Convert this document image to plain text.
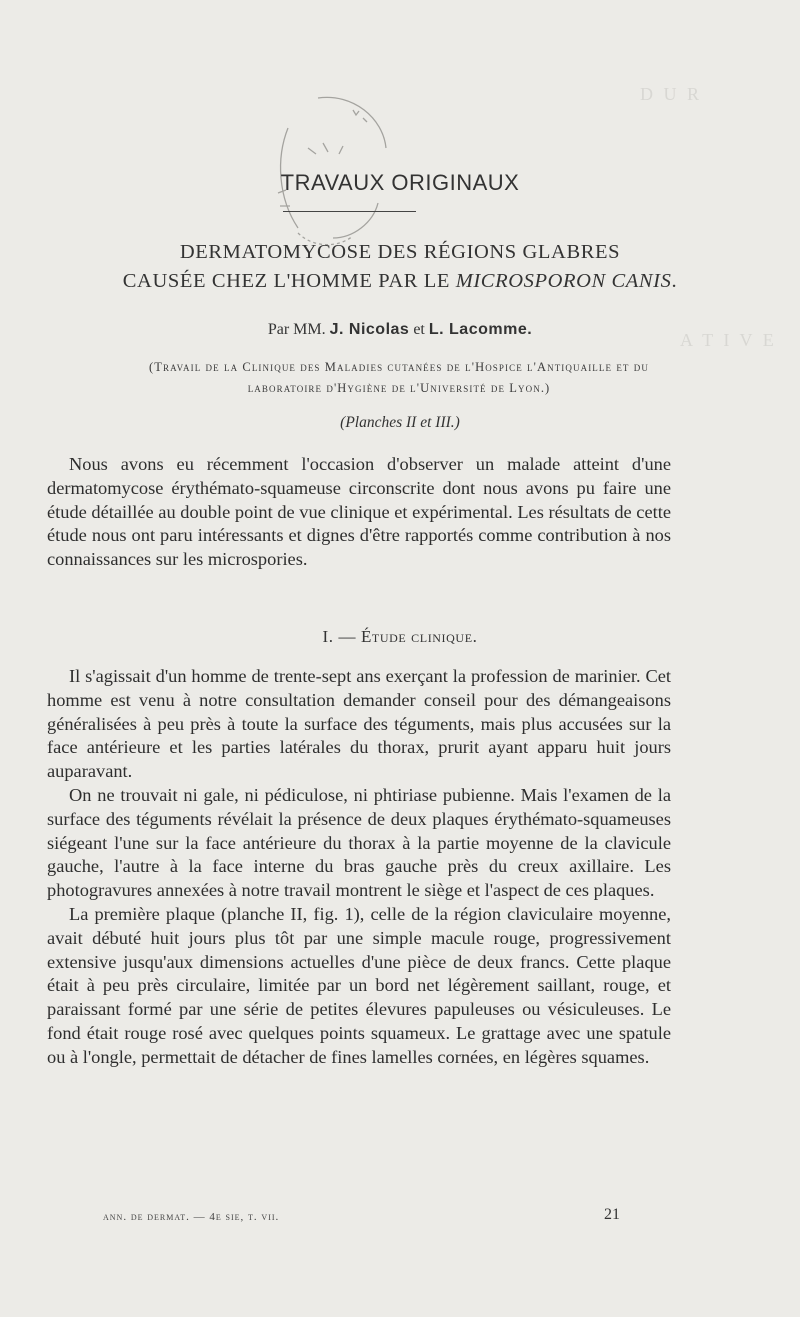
D U R
A T I V E
TRAVAUX ORIGINAUX
DERMATOMYCOSE DES RÉGIONS GLABRES
CAUSÉE CHEZ L'HOMME PAR LE MICROSPORON CANIS.
Par MM. J. Nicolas et L. Lacomme.
(Travail de la Clinique des Maladies cutanées de l'Hospice l'Antiquaille et du
laboratoire d'Hygiène de l'Université de Lyon.)
(Planches II et III.)

Nous avons eu récemment l'occasion d'observer un malade atteint d'une dermatomycose érythémato-squameuse circonscrite dont nous avons pu faire une étude détaillée au double point de vue clinique et expérimental. Les résultats de cette étude nous ont paru intéressants et dignes d'être rapportés comme contribution à nos connaissances sur les microspories.

I. — Étude clinique.

Il s'agissait d'un homme de trente-sept ans exerçant la profession de marinier. Cet homme est venu à notre consultation demander conseil pour des démangeaisons généralisées à peu près à toute la surface des téguments, mais plus accusées sur la face antérieure et les parties latérales du thorax, prurit ayant apparu huit jours auparavant.

On ne trouvait ni gale, ni pédiculose, ni phtiriase pubienne. Mais l'examen de la surface des téguments révélait la présence de deux plaques érythémato-squameuses siégeant l'une sur la face antérieure du thorax à la partie moyenne de la clavicule gauche, l'autre à la face interne du bras gauche près du creux axillaire. Les photogravures annexées à notre travail montrent le siège et l'aspect de ces plaques.

La première plaque (planche II, fig. 1), celle de la région claviculaire moyenne, avait débuté huit jours plus tôt par une simple macule rouge, progressivement extensive jusqu'aux dimensions actuelles d'une pièce de deux francs. Cette plaque était à peu près circulaire, limitée par un bord net légèrement saillant, rouge, et paraissant formé par une série de petites élevures papuleuses ou vésiculeuses. Le fond était rouge rosé avec quelques points squameux. Le grattage avec une spatule ou à l'ongle, permettait de détacher de fines lamelles cornées, en légères squames.

ann. de dermat. — 4e sie, t. vii.	21
